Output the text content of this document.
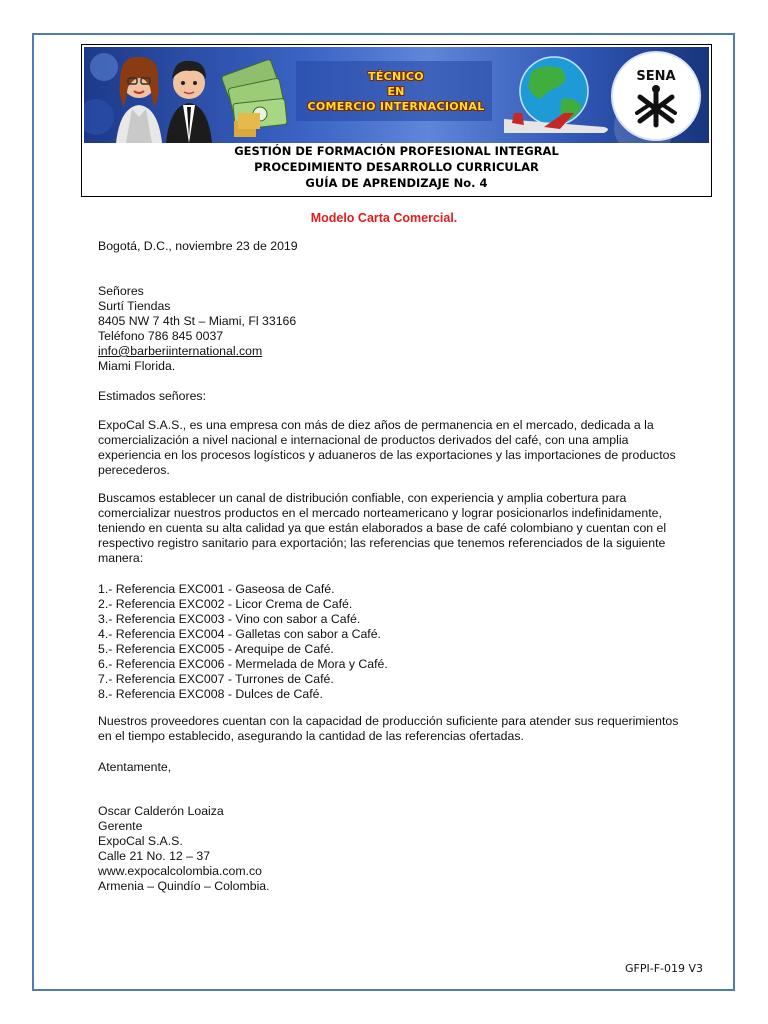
TÉCNICO
EN
COMERCIO INTERNACIONAL
SENA
GESTIÓN DE FORMACIÓN PROFESIONAL INTEGRAL
PROCEDIMIENTO DESARROLLO CURRICULAR
GUÍA DE APRENDIZAJE No. 4
Modelo Carta Comercial.
Bogotá, D.C., noviembre 23 de 2019
Señores
Surtí Tiendas
8405 NW 7 4th St – Miami, Fl 33166
Teléfono 786 845 0037
info@barberiinternational.com
Miami Florida.
Estimados señores:
ExpoCal S.A.S., es una empresa con más de diez años de permanencia en el mercado, dedicada a la
comercialización a nivel nacional e internacional de productos derivados del café, con una amplia
experiencia en los procesos logísticos y aduaneros de las exportaciones y las importaciones de productos
perecederos.
Buscamos establecer un canal de distribución confiable, con experiencia y amplia cobertura para
comercializar nuestros productos en el mercado norteamericano y lograr posicionarlos indefinidamente,
teniendo en cuenta su alta calidad ya que están elaborados a base de café colombiano y cuentan con el
respectivo registro sanitario para exportación; las referencias que tenemos referenciados de la siguiente
manera:
1.- Referencia EXC001 - Gaseosa de Café.
2.- Referencia EXC002 - Licor Crema de Café.
3.- Referencia EXC003 - Vino con sabor a Café.
4.- Referencia EXC004 - Galletas con sabor a Café.
5.- Referencia EXC005 - Arequipe de Café.
6.- Referencia EXC006 - Mermelada de Mora y Café.
7.- Referencia EXC007 - Turrones de Café.
8.- Referencia EXC008 - Dulces de Café.
Nuestros proveedores cuentan con la capacidad de producción suficiente para atender sus requerimientos
en el tiempo establecido, asegurando la cantidad de las referencias ofertadas.
Atentamente,
Oscar Calderón Loaiza
Gerente
ExpoCal S.A.S.
Calle 21 No. 12 – 37
www.expocalcolombia.com.co
Armenia – Quindío – Colombia.
GFPI-F-019 V3
